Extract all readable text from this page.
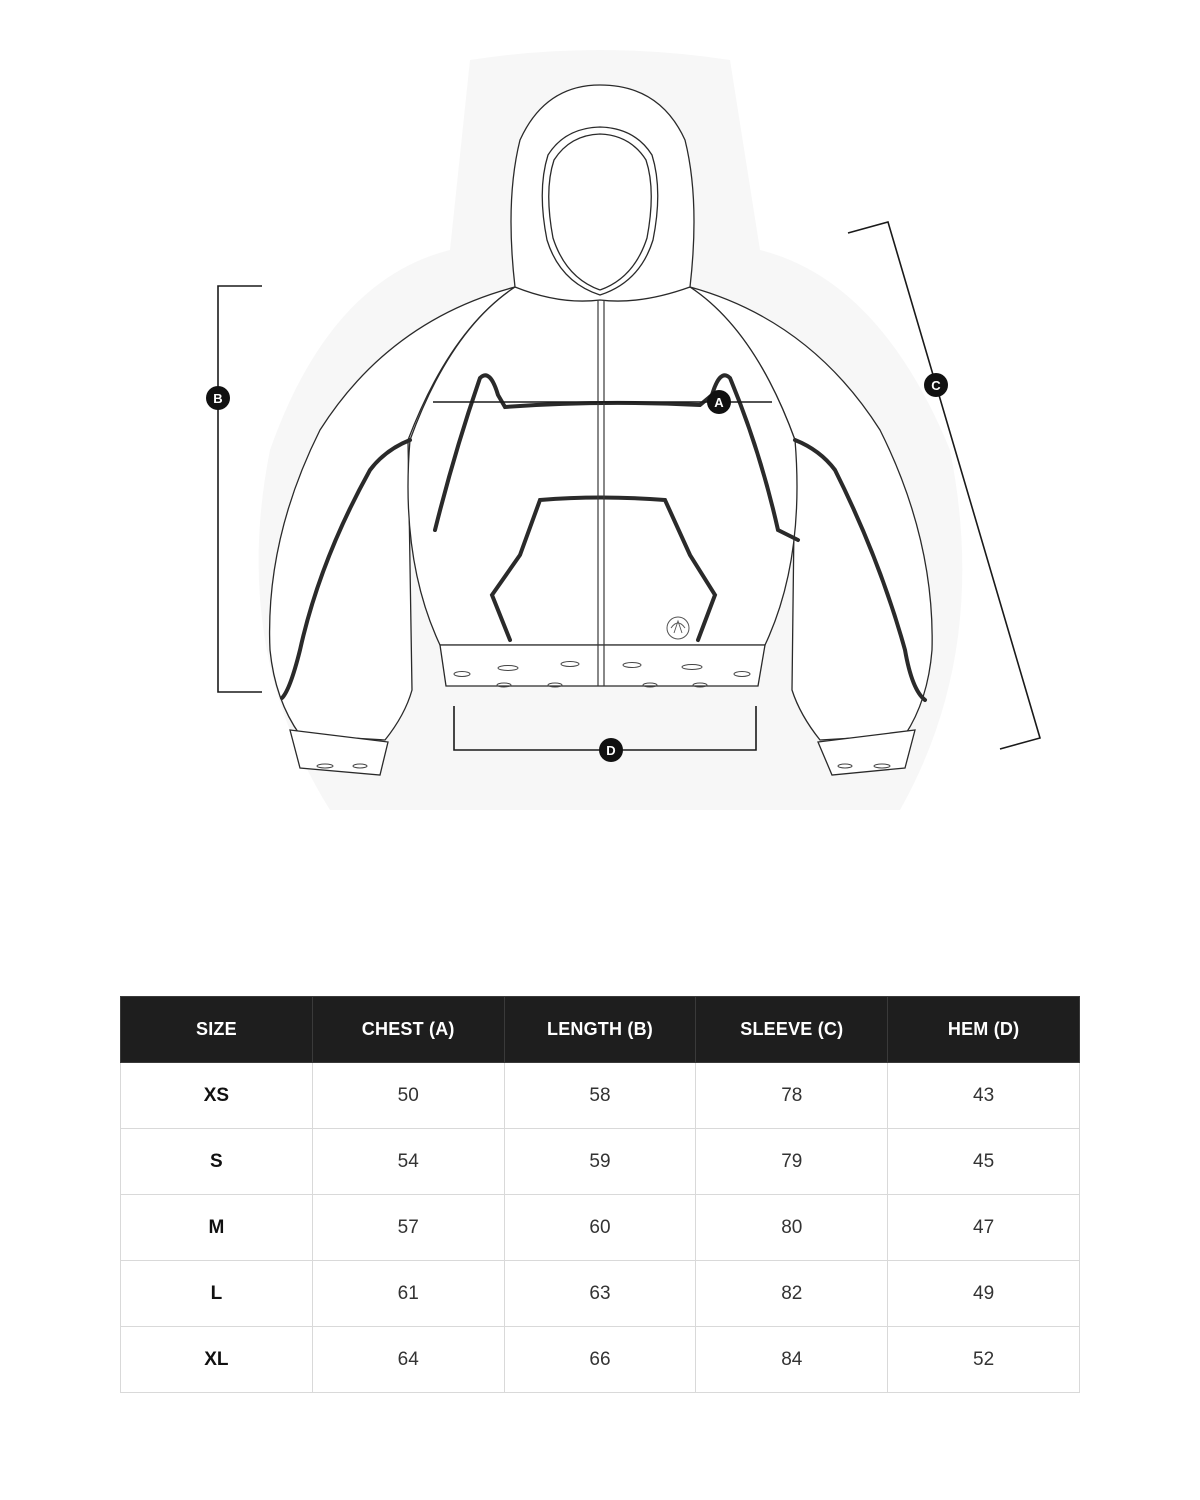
A
B
C
D
SIZE	CHEST (A)	LENGTH (B)	SLEEVE (C)	HEM (D)
XS	50	58	78	43
S	54	59	79	45
M	57	60	80	47
L	61	63	82	49
XL	64	66	84	52
